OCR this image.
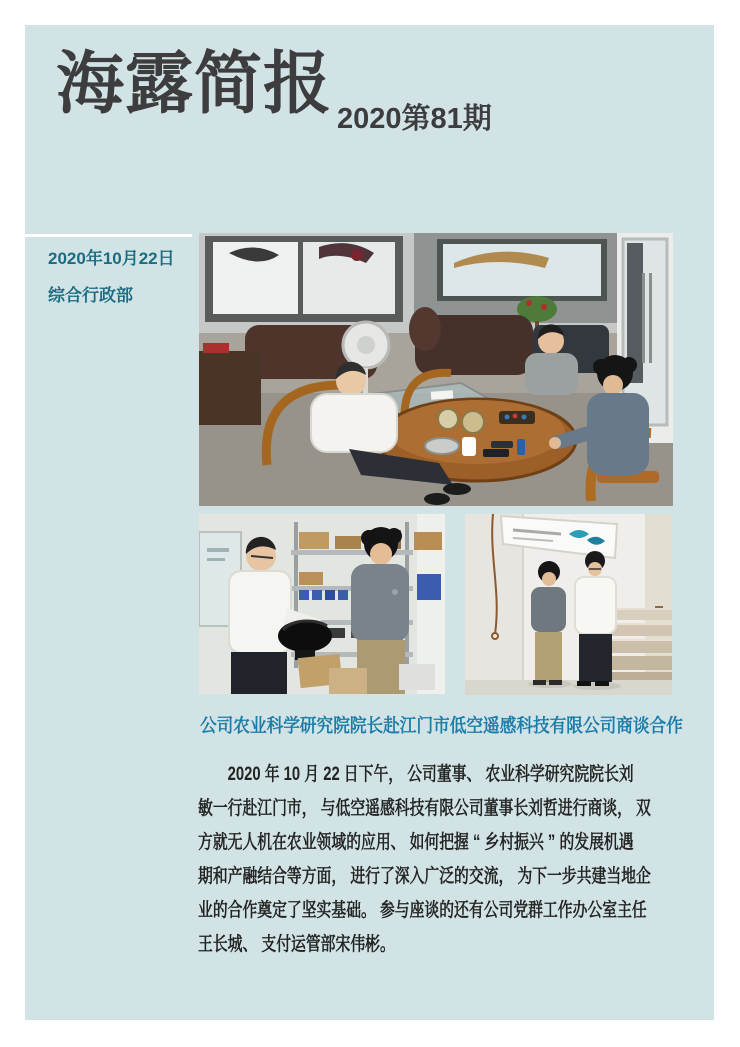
海露简报 2020第81期
2020年10月22日
综合行政部
公司农业科学研究院院长赴江门市低空遥感科技有限公司商谈合作
　　2020 年 10 月 22 日下午， 公司董事、 农业科学研究院院长刘
敏一行赴江门市， 与低空遥感科技有限公司董事长刘哲进行商谈， 双
方就无人机在农业领域的应用、 如何把握 “ 乡村振兴 ” 的发展机遇
期和产融结合等方面， 进行了深入广泛的交流， 为下一步共建当地企
业的合作奠定了坚实基础。 参与座谈的还有公司党群工作办公室主任
王长城、 支付运管部宋伟彬。
